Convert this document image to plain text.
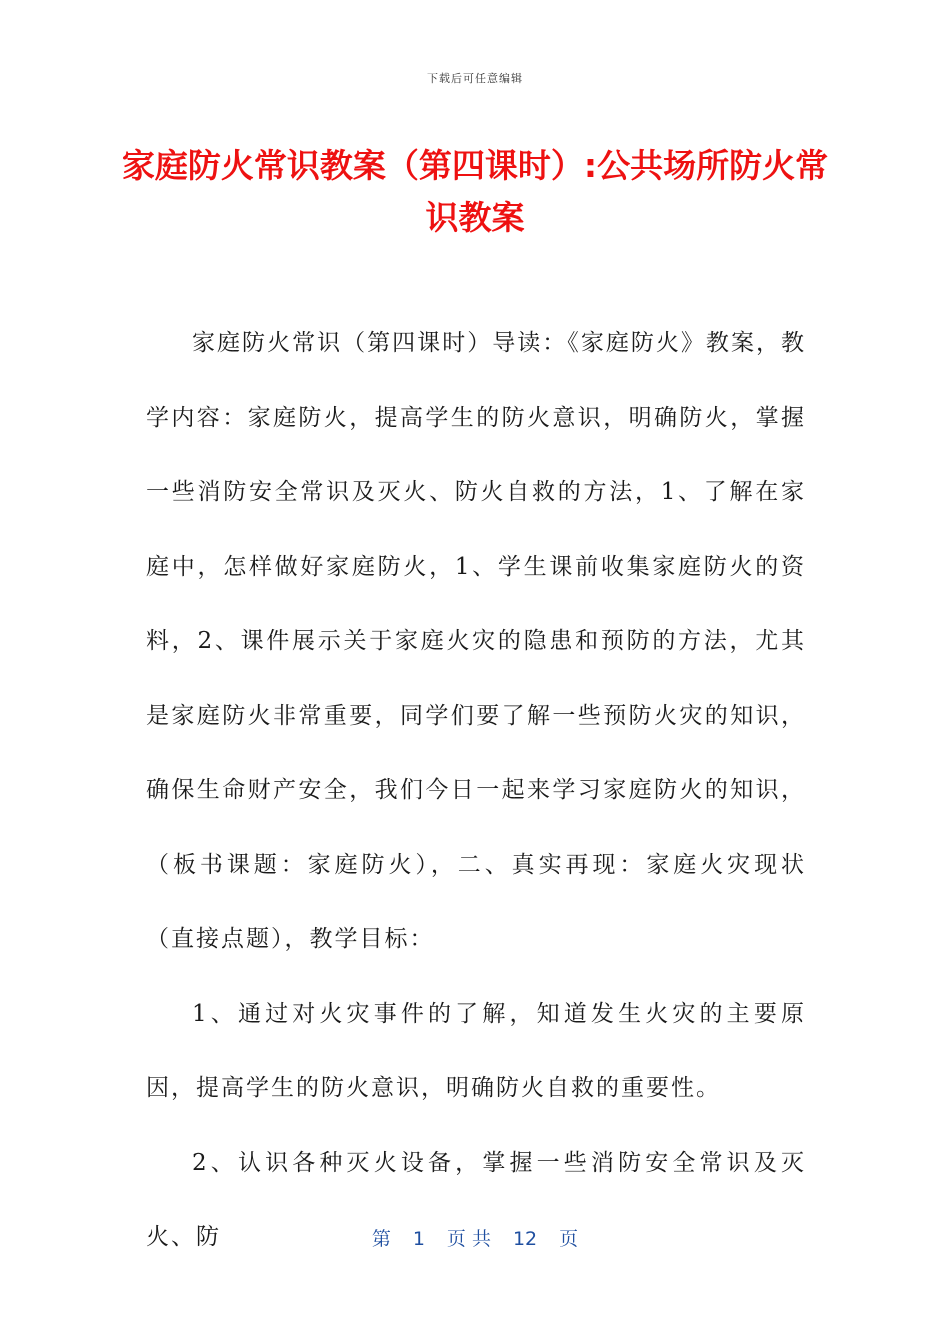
下载后可任意编辑
家庭防火常识教案（第四课时）:公共场所防火常识教案

家庭防火常识（第四课时）导读：《家庭防火》教案，教学内容：家庭防火，提高学生的防火意识，明确防火，掌握一些消防安全常识及灭火、防火自救的方法，1、了解在家庭中，怎样做好家庭防火，1、学生课前收集家庭防火的资料，2、课件展示关于家庭火灾的隐患和预防的方法，尤其是家庭防火非常重要，同学们要了解一些预防火灾的知识，确保生命财产安全，我们今日一起来学习家庭防火的知识，（板书课题：家庭防火），二、真实再现：家庭火灾现状（直接点题），教学目标：

1、通过对火灾事件的了解，知道发生火灾的主要原因，提高学生的防火意识，明确防火自救的重要性。

2、认识各种灭火设备，掌握一些消防安全常识及灭火、防	第 1 页 共 12 页
